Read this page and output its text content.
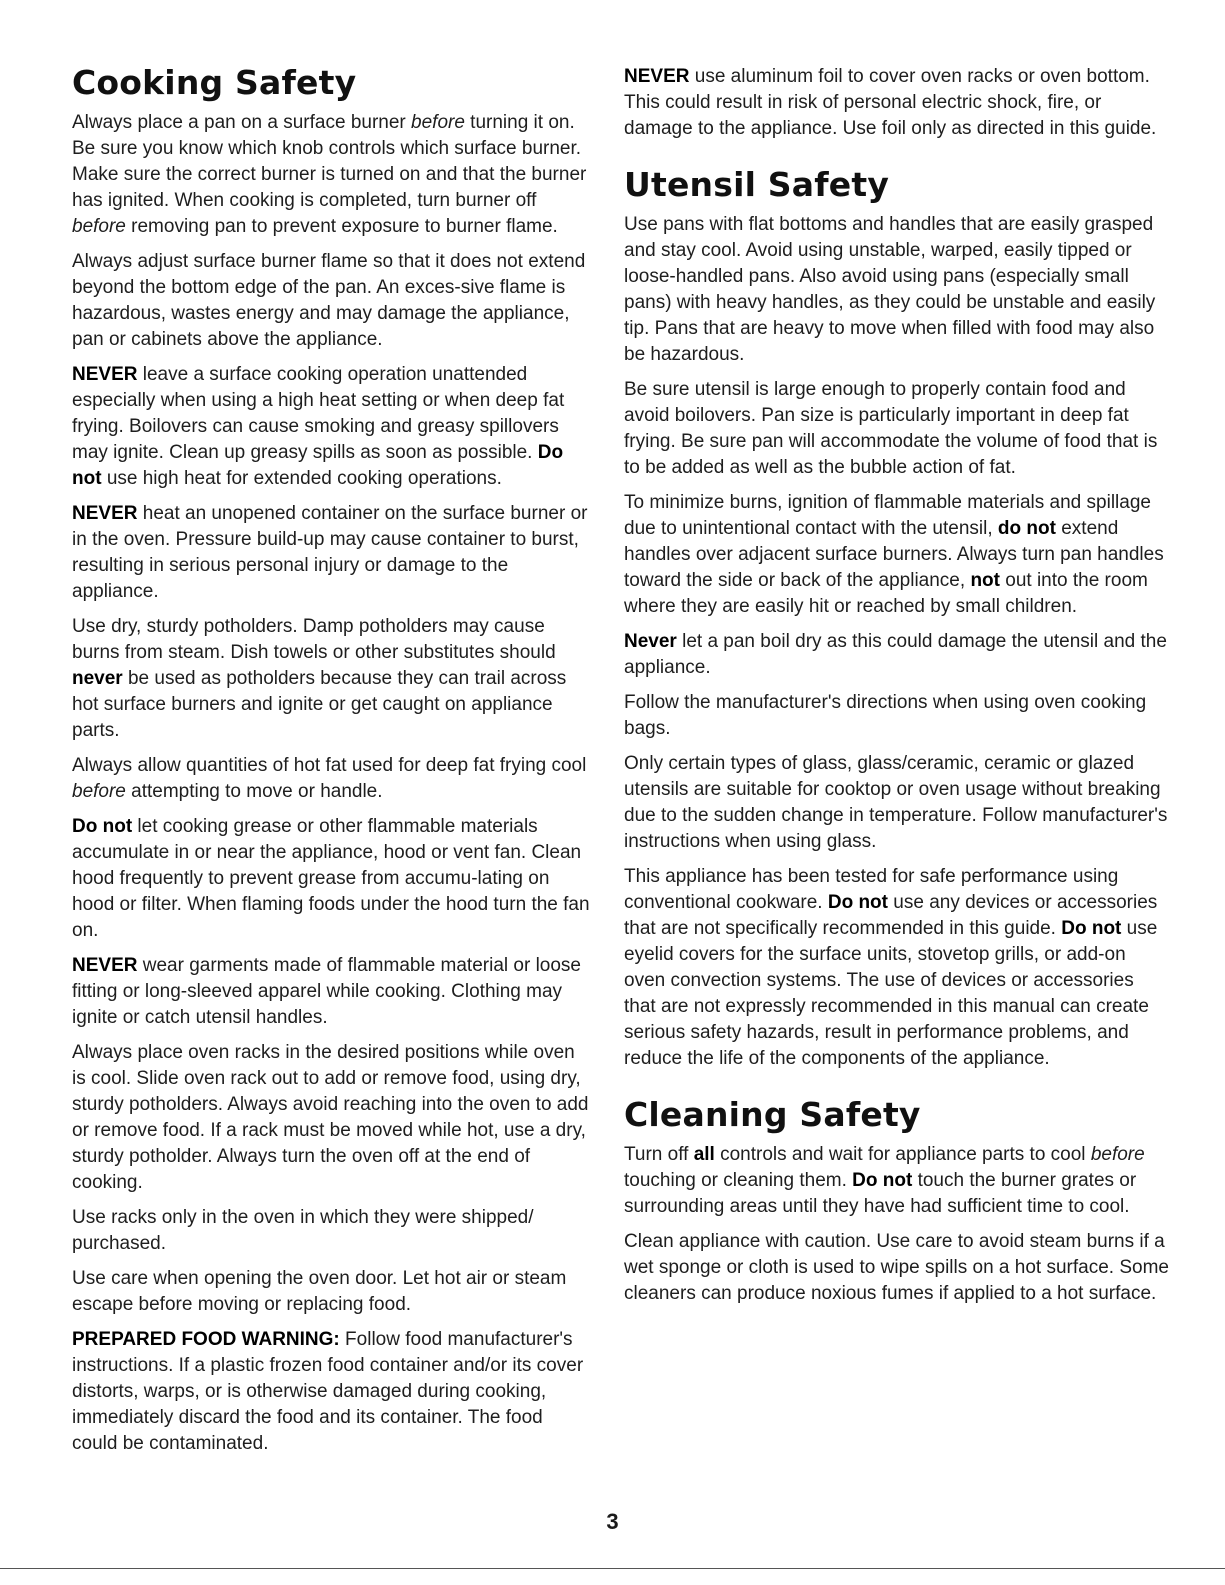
Cooking Safety

Always place a pan on a surface burner before turning it on. Be sure you know which knob controls which surface burner. Make sure the correct burner is turned on and that the burner has ignited. When cooking is completed, turn burner off before removing pan to prevent exposure to burner flame.

Always adjust surface burner flame so that it does not extend beyond the bottom edge of the pan. An exces-sive flame is hazardous, wastes energy and may damage the appliance, pan or cabinets above the appliance.

NEVER leave a surface cooking operation unattended especially when using a high heat setting or when deep fat frying. Boilovers can cause smoking and greasy spillovers may ignite. Clean up greasy spills as soon as possible. Do not use high heat for extended cooking operations.

NEVER heat an unopened container on the surface burner or in the oven. Pressure build-up may cause container to burst, resulting in serious personal injury or damage to the appliance.

Use dry, sturdy potholders. Damp potholders may cause burns from steam. Dish towels or other substitutes should never be used as potholders because they can trail across hot surface burners and ignite or get caught on appliance parts.

Always allow quantities of hot fat used for deep fat frying cool before attempting to move or handle.

Do not let cooking grease or other flammable materials accumulate in or near the appliance, hood or vent fan. Clean hood frequently to prevent grease from accumu-lating on hood or filter. When flaming foods under the hood turn the fan on.

NEVER wear garments made of flammable material or loose fitting or long-sleeved apparel while cooking. Clothing may ignite or catch utensil handles.

Always place oven racks in the desired positions while oven is cool. Slide oven rack out to add or remove food, using dry, sturdy potholders. Always avoid reaching into the oven to add or remove food. If a rack must be moved while hot, use a dry, sturdy potholder. Always turn the oven off at the end of cooking.

Use racks only in the oven in which they were shipped/ purchased.

Use care when opening the oven door. Let hot air or steam escape before moving or replacing food.

PREPARED FOOD WARNING: Follow food manufacturer's instructions. If a plastic frozen food container and/or its cover distorts, warps, or is otherwise damaged during cooking, immediately discard the food and its container. The food could be contaminated.

NEVER use aluminum foil to cover oven racks or oven bottom. This could result in risk of personal electric shock, fire, or damage to the appliance. Use foil only as directed in this guide.

Utensil Safety

Use pans with flat bottoms and handles that are easily grasped and stay cool. Avoid using unstable, warped, easily tipped or loose-handled pans. Also avoid using pans (especially small pans) with heavy handles, as they could be unstable and easily tip. Pans that are heavy to move when filled with food may also be hazardous.

Be sure utensil is large enough to properly contain food and avoid boilovers. Pan size is particularly important in deep fat frying. Be sure pan will accommodate the volume of food that is to be added as well as the bubble action of fat.

To minimize burns, ignition of flammable materials and spillage due to unintentional contact with the utensil, do not extend handles over adjacent surface burners. Always turn pan handles toward the side or back of the appliance, not out into the room where they are easily hit or reached by small children.

Never let a pan boil dry as this could damage the utensil and the appliance.

Follow the manufacturer's directions when using oven cooking bags.

Only certain types of glass, glass/ceramic, ceramic or glazed utensils are suitable for cooktop or oven usage without breaking due to the sudden change in temperature. Follow manufacturer's instructions when using glass.

This appliance has been tested for safe performance using conventional cookware. Do not use any devices or accessories that are not specifically recommended in this guide. Do not use eyelid covers for the surface units, stovetop grills, or add-on oven convection systems. The use of devices or accessories that are not expressly recommended in this manual can create serious safety hazards, result in performance problems, and reduce the life of the components of the appliance.

Cleaning Safety

Turn off all controls and wait for appliance parts to cool before touching or cleaning them. Do not touch the burner grates or surrounding areas until they have had sufficient time to cool.

Clean appliance with caution. Use care to avoid steam burns if a wet sponge or cloth is used to wipe spills on a hot surface. Some cleaners can produce noxious fumes if applied to a hot surface.

3
